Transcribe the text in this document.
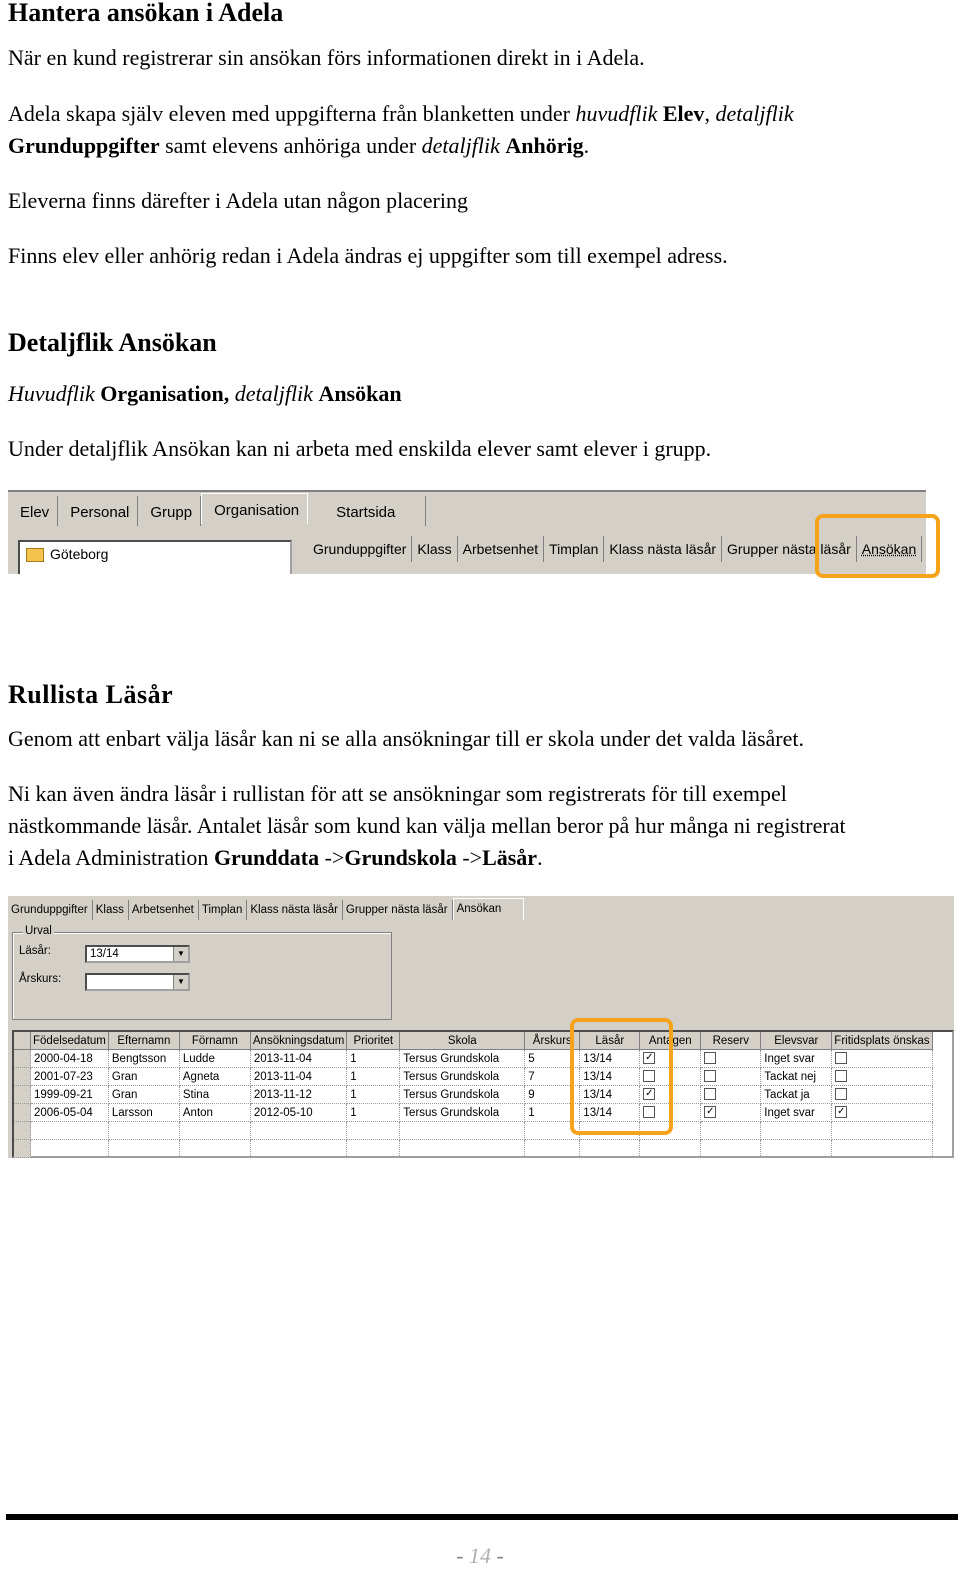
Hantera ansökan i Adela
När en kund registrerar sin ansökan förs informationen direkt in i Adela.
Adela skapa själv eleven med uppgifterna från blanketten under huvudflik Elev, detaljflik
Grunduppgifter samt elevens anhöriga under detaljflik Anhörig.
Eleverna finns därefter i Adela utan någon placering
Finns elev eller anhörig redan i Adela ändras ej uppgifter som till exempel adress.
Detaljflik Ansökan
Huvudflik Organisation, detaljflik Ansökan
Under detaljflik Ansökan kan ni arbeta med enskilda elever samt elever i grupp.
Elev	Personal	Grupp	Organisation	Startsida
Göteborg	Grunduppgifter Klass Arbetsenhet Timplan Klass nästa läsår Grupper nästa läsår Ansökan
Rullista Läsår
Genom att enbart välja läsår kan ni se alla ansökningar till er skola under det valda läsåret.
Ni kan även ändra läsår i rullistan för att se ansökningar som registrerats för till exempel
nästkommande läsår. Antalet läsår som kund kan välja mellan beror på hur många ni registrerat
i Adela Administration Grunddata ->Grundskola ->Läsår.
Grunduppgifter Klass Arbetsenhet Timplan Klass nästa läsår Grupper nästa läsår Ansökan
Urval
Läsår:	13/14	▼
Årskurs:	▼
	Födelsedatum	Efternamn	Förnamn	Ansökningsdatum	Prioritet	Skola	Årskurs	Läsår	Antagen	Reserv	Elevsvar	Fritidsplats önskas
	2000-04-18	Bengtsson	Ludde	2013-11-04	1	Tersus Grundskola	5	13/14	✓		Inget svar	
	2001-07-23	Gran	Agneta	2013-11-04	1	Tersus Grundskola	7	13/14			Tackat nej	
	1999-09-21	Gran	Stina	2013-11-12	1	Tersus Grundskola	9	13/14	✓		Tackat ja	
	2006-05-04	Larsson	Anton	2012-05-10	1	Tersus Grundskola	1	13/14		✓	Inget svar	✓

- 14 -
